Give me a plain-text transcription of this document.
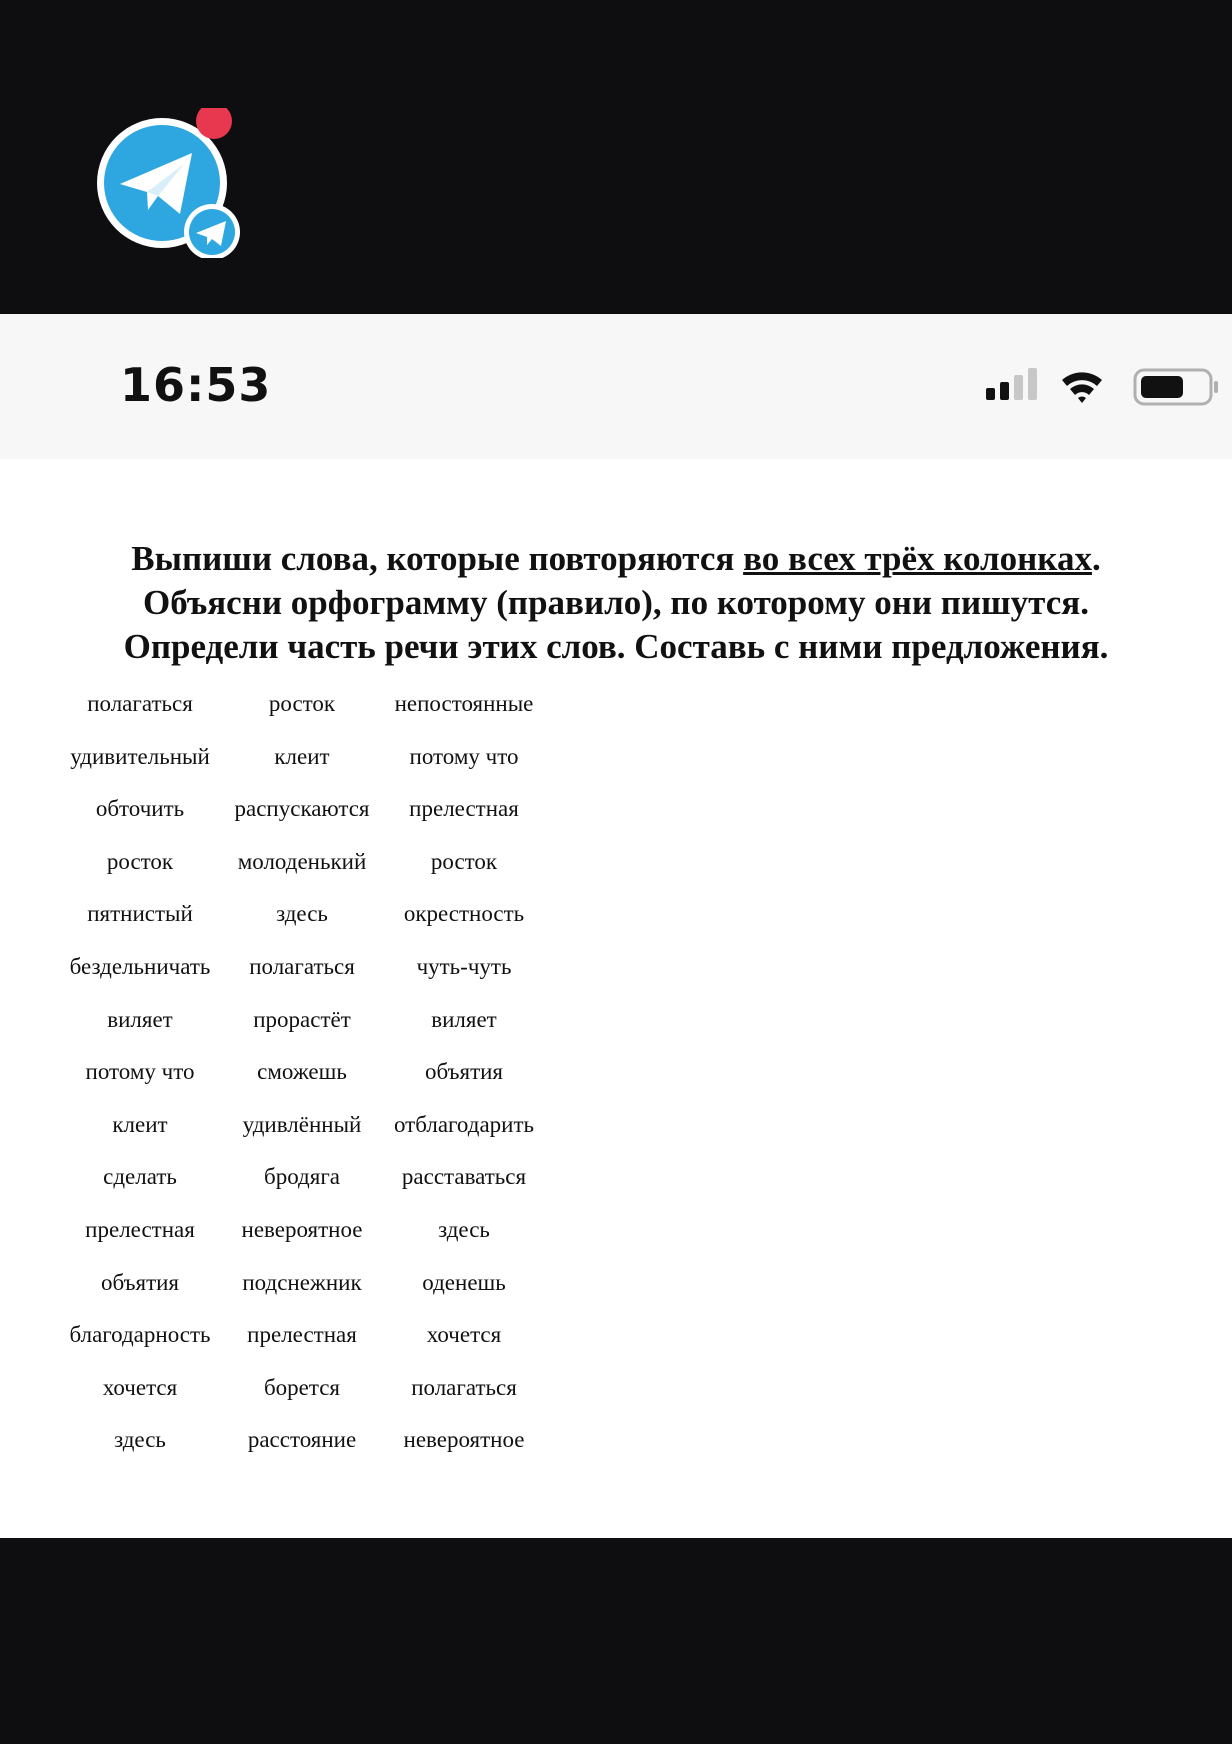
16:53
Выпиши слова, которые повторяются во всех трёх колонках.
Объясни орфограмму (правило), по которому они пишутся.
Определи часть речи этих слов. Составь с ними предложения.
полагаться	росток	непостоянные
удивительный	клеит	потому что
обточить	распускаются	прелестная
росток	молоденький	росток
пятнистый	здесь	окрестность
бездельничать	полагаться	чуть-чуть
виляет	прорастёт	виляет
потому что	сможешь	объятия
клеит	удивлённый	отблагодарить
сделать	бродяга	расставаться
прелестная	невероятное	здесь
объятия	подснежник	оденешь
благодарность	прелестная	хочется
хочется	борется	полагаться
здесь	расстояние	невероятное
